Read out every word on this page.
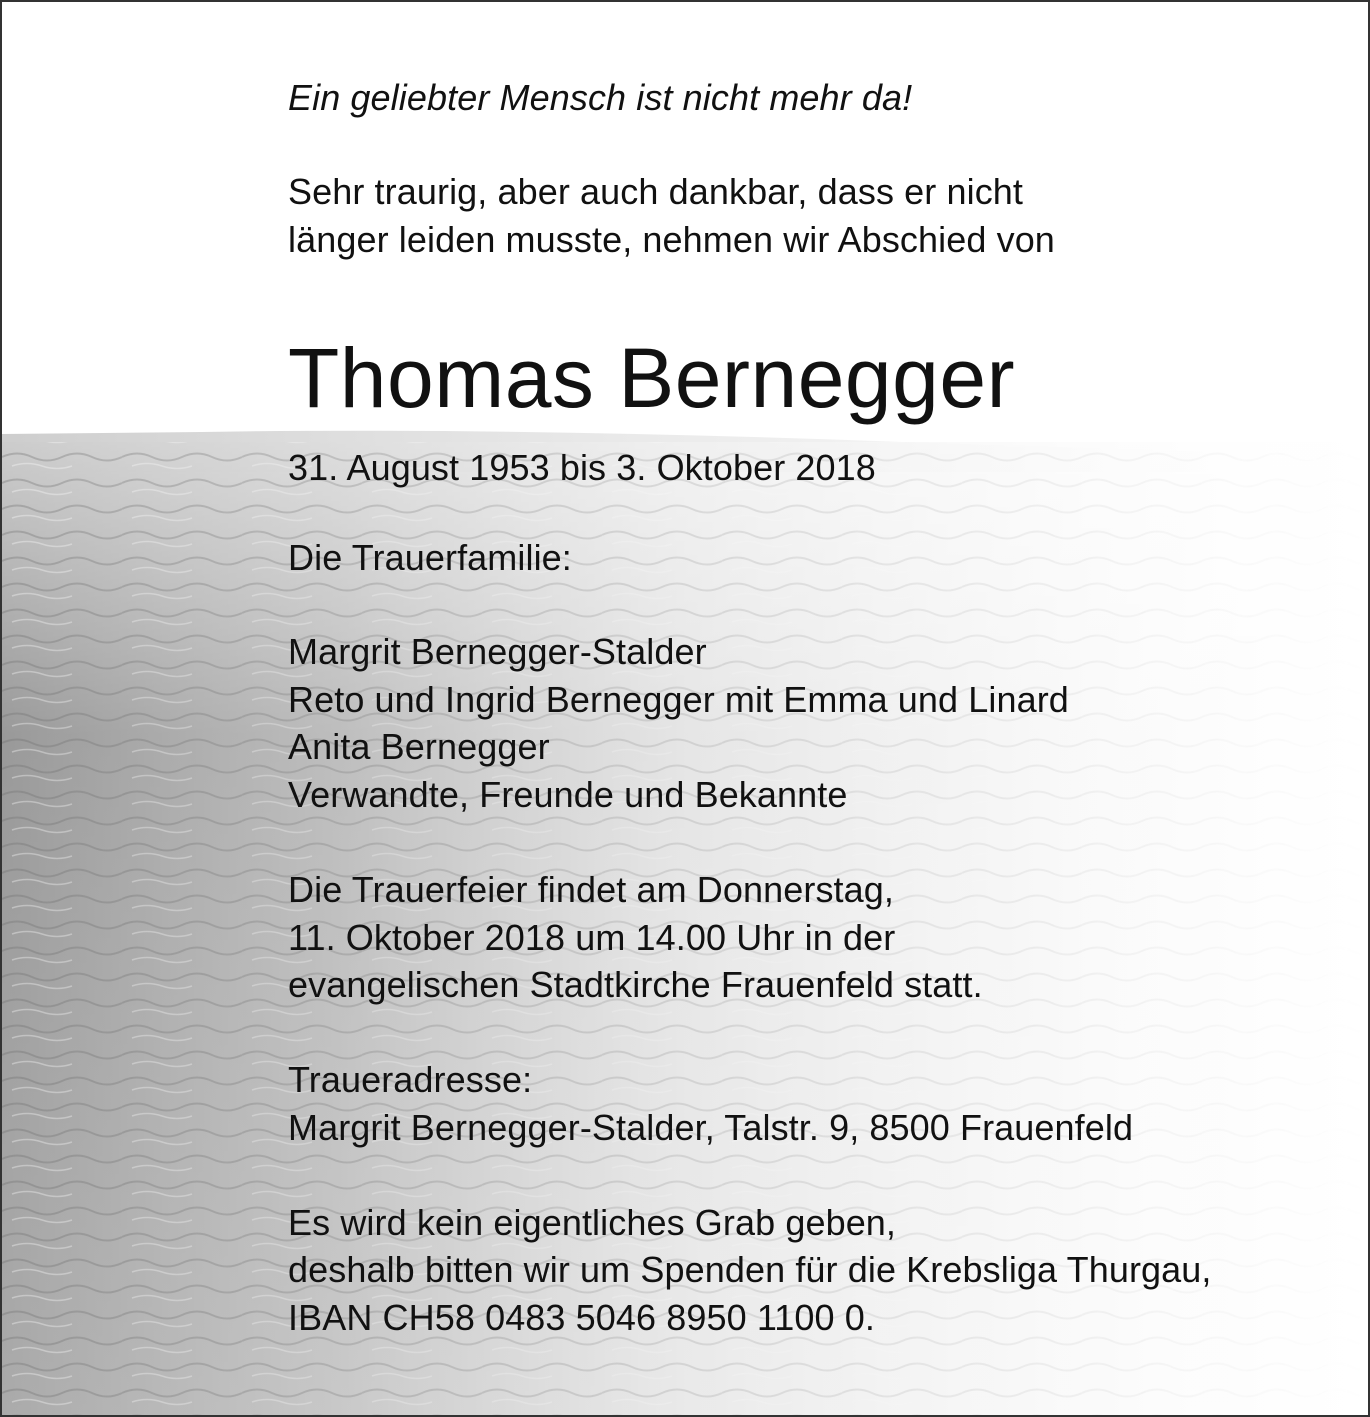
Ein geliebter Mensch ist nicht mehr da!
Sehr traurig, aber auch dankbar, dass er nicht
länger leiden musste, nehmen wir Abschied von
Thomas Bernegger
31. August 1953 bis 3. Oktober 2018
Die Trauerfamilie:
Margrit Bernegger-Stalder
Reto und Ingrid Bernegger mit Emma und Linard
Anita Bernegger
Verwandte, Freunde und Bekannte
Die Trauerfeier findet am Donnerstag,
11. Oktober 2018 um 14.00 Uhr in der
evangelischen Stadtkirche Frauenfeld statt.
Traueradresse:
Margrit Bernegger-Stalder, Talstr. 9, 8500 Frauenfeld
Es wird kein eigentliches Grab geben,
deshalb bitten wir um Spenden für die Krebsliga Thurgau,
IBAN CH58 0483 5046 8950 1100 0.
